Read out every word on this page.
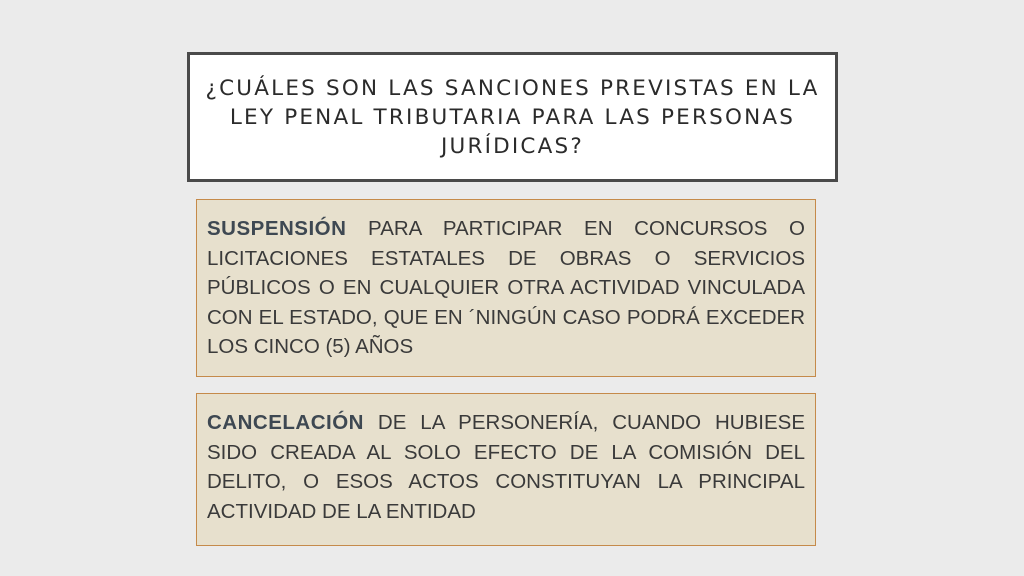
¿CUÁLES SON LAS SANCIONES PREVISTAS EN LA LEY PENAL TRIBUTARIA PARA LAS PERSONAS JURÍDICAS?

SUSPENSIÓN PARA PARTICIPAR EN CONCURSOS O LICITACIONES ESTATALES DE OBRAS O SERVICIOS PÚBLICOS O EN CUALQUIER OTRA ACTIVIDAD VINCULADA CON EL ESTADO, QUE EN ´NINGÚN CASO PODRÁ EXCEDER LOS CINCO (5) AÑOS

CANCELACIÓN DE LA PERSONERÍA, CUANDO HUBIESE SIDO CREADA AL SOLO EFECTO DE LA COMISIÓN DEL DELITO, O ESOS ACTOS CONSTITUYAN LA PRINCIPAL ACTIVIDAD DE LA ENTIDAD
